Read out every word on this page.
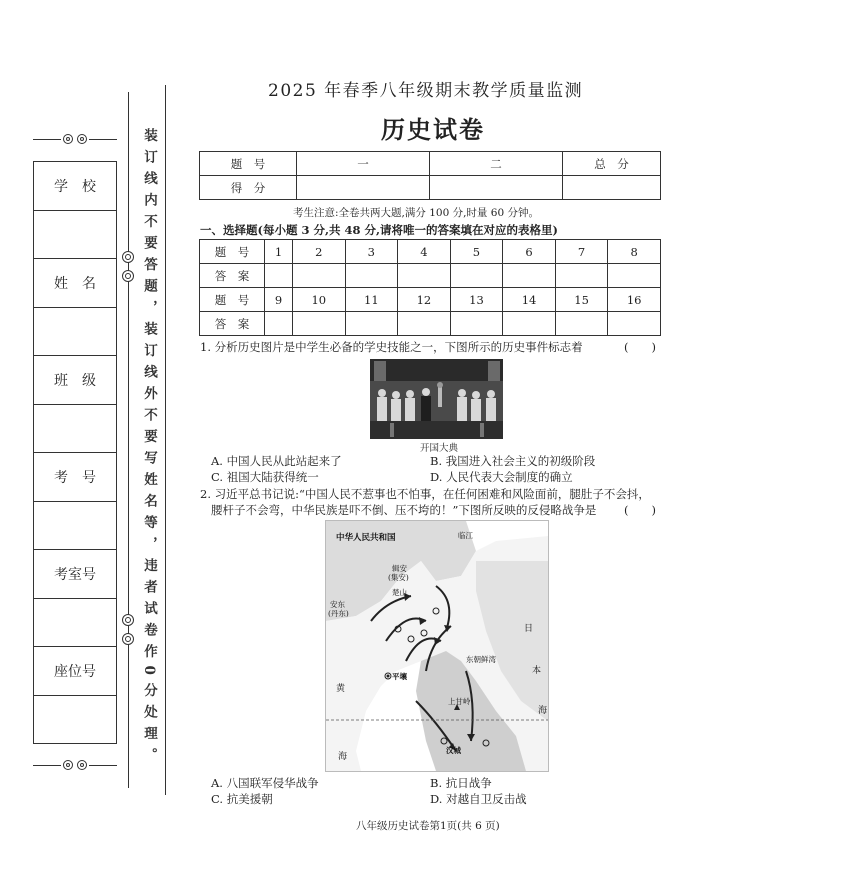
学　校

姓　名

班　级

考　号

考室号

座位号	装订线内不要答题，装订线外不要写姓名等，违者试卷作0分处理。
2025 年春季八年级期末教学质量监测
历史试卷
题　号	一	二	总　分
得　分			
考生注意:全卷共两大题,满分 100 分,时量 60 分钟。
一、选择题(每小题 3 分,共 48 分,请将唯一的答案填在对应的表格里)
题　号	1	2	3	4	5	6	7	8
答　案								
题　号	9	10	11	12	13	14	15	16
答　案								
1. 分析历史图片是中学生必备的学史技能之一，下图所示的历史事件标志着	(　　)
开国大典
A. 中国人民从此站起来了	B. 我国进入社会主义的初级阶段
C. 祖国大陆获得统一	D. 人民代表大会制度的确立
2. 习近平总书记说:“中国人民不惹事也不怕事，在任何困难和风险面前，腿肚子不会抖，
腰杆子不会弯，中华民族是吓不倒、压不垮的！”下图所反映的反侵略战争是 (　　)
中华人民共和国	临江
辑安
(集安)
楚山
安东
(丹东)
平壤
上甘岭
汉城
东朝鲜湾
日
本
黄
海
海
A. 八国联军侵华战争	B. 抗日战争
C. 抗美援朝	D. 对越自卫反击战
八年级历史试卷第1页(共 6 页)
